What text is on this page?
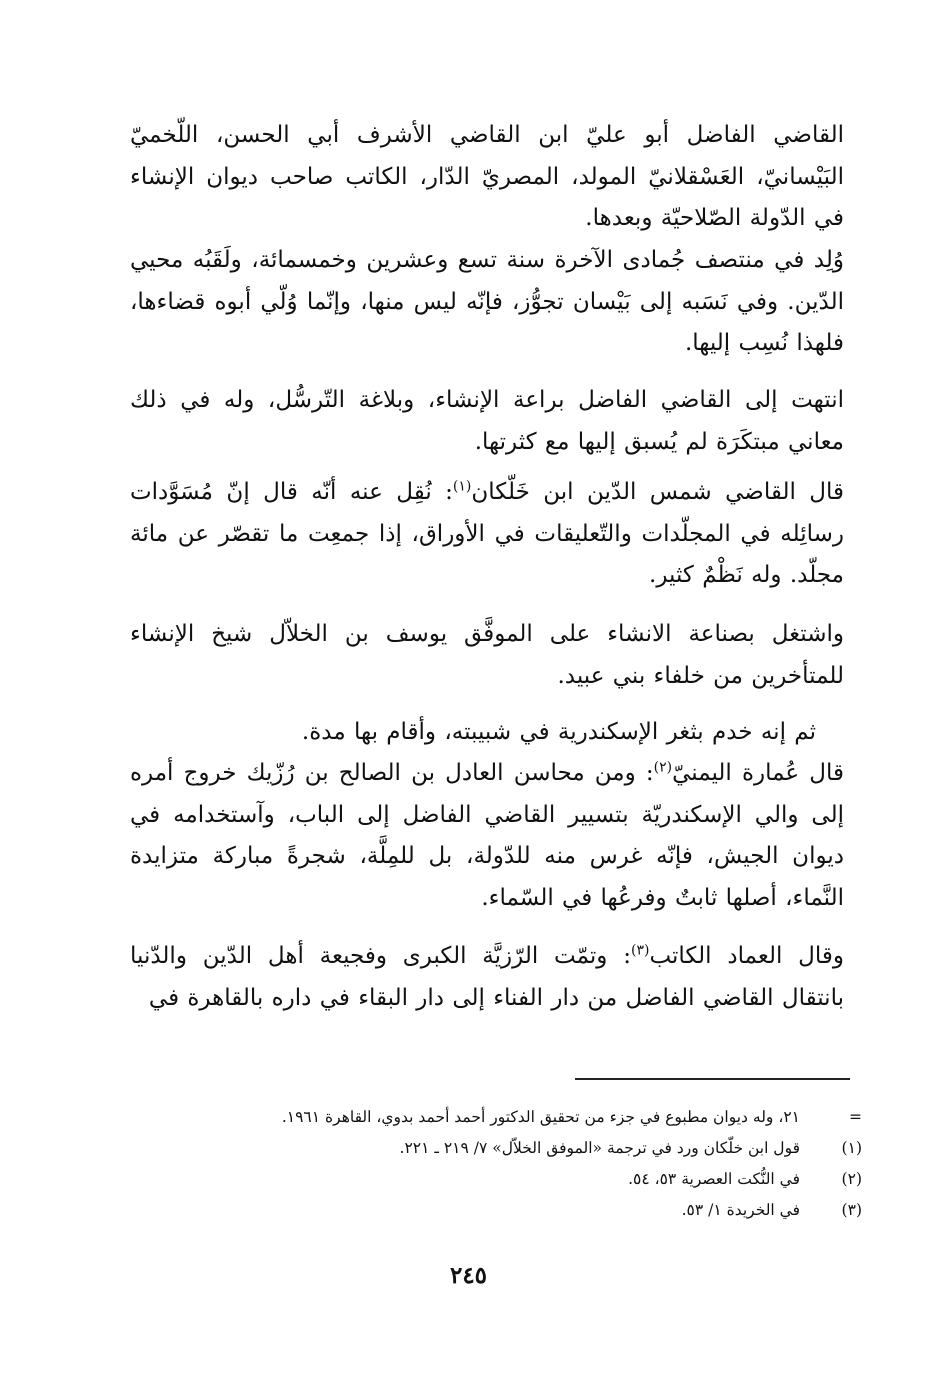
القاضي الفاضل أبو عليّ ابن القاضي الأشرف أبي الحسن، اللّخميّ البَيْسانيّ، العَسْقلانيّ المولد، المصريّ الدّار، الكاتب صاحب ديوان الإنشاء في الدّولة الصّلاحيّة وبعدها.

وُلِد في منتصف جُمادى الآخرة سنة تسع وعشرين وخمسمائة، ولَقَبُه محيي الدّين. وفي نَسَبه إلى بَيْسان تجوُّز، فإنّه ليس منها، وإنّما وُلّي أبوه قضاءها، فلهذا نُسِب إليها.

انتهت إلى القاضي الفاضل براعة الإنشاء، وبلاغة التّرسُّل، وله في ذلك معاني مبتكَرَة لم يُسبق إليها مع كثرتها.

قال القاضي شمس الدّين ابن خَلّكان$^{(١)}$: نُقِل عنه أنّه قال إنّ مُسَوَّدات رسائِله في المجلّدات والتّعليقات في الأوراق، إذا جمعِت ما تقصّر عن مائة مجلّد. وله نَظْمٌ كثير.

واشتغل بصناعة الانشاء على الموفَّق يوسف بن الخلاّل شيخ الإنشاء للمتأخرين من خلفاء بني عبيد.

ثم إنه خدم بثغر الإسكندرية في شبيبته، وأقام بها مدة.

قال عُمارة اليمنيّ$^{(٢)}$: ومن محاسن العادل بن الصالح بن رُزّيك خروج أمره إلى والي الإسكندريّة بتسيير القاضي الفاضل إلى الباب، وآستخدامه في ديوان الجيش، فإنّه غرس منه للدّولة، بل للمِلَّة، شجرةً مباركة متزايدة النَّماء، أصلها ثابتٌ وفرعُها في السّماء.

وقال العماد الكاتب$^{(٣)}$: وتمّت الرّزيَّة الكبرى وفجيعة أهل الدّين والدّنيا بانتقال القاضي الفاضل من دار الفناء إلى دار البقاء في داره بالقاهرة في

=
٢١، وله ديوان مطبوع في جزء من تحقيق الدكتور أحمد أحمد بدوي، القاهرة ١٩٦١.
(١)
قول ابن خلّكان ورد في ترجمة «الموفق الخلاّل» ٧/ ٢١٩ ـ ٢٢١.
(٢)
في النُّكت العصرية ٥٣، ٥٤.
(٣)
في الخريدة ١/ ٥٣.
٢٤٥
